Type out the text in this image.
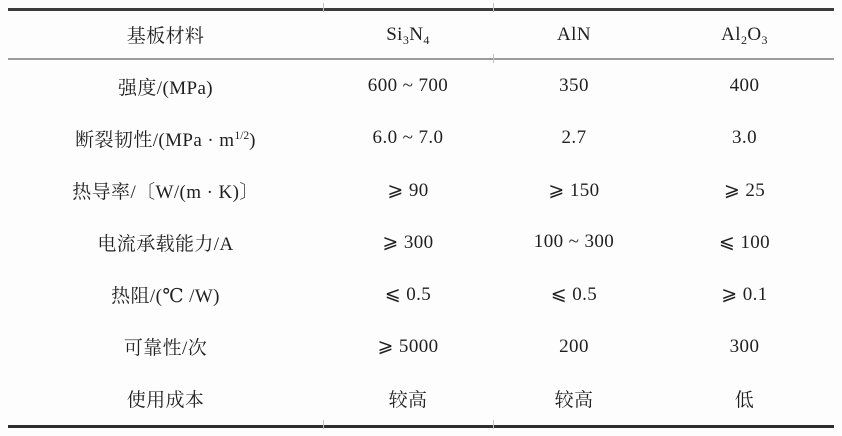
基板材料	$Si_3N_4$	AlN	$Al_2O_3$
强度/(MPa)	600 ~ 700	350	400
断裂韧性$/(MPa \cdot m^{1/2})$	6.0 ~ 7.0	2.7	3.0
热导率/〔W/(m · K)〕	⩾ 90	⩾ 150	⩾ 25
电流承载能力/A	⩾ 300	100 ~ 300	⩽ 100
热阻/(℃ /W)	⩽ 0.5	⩽ 0.5	⩾ 0.1
可靠性/次	⩾ 5000	200	300
使用成本	较高	较高	低
